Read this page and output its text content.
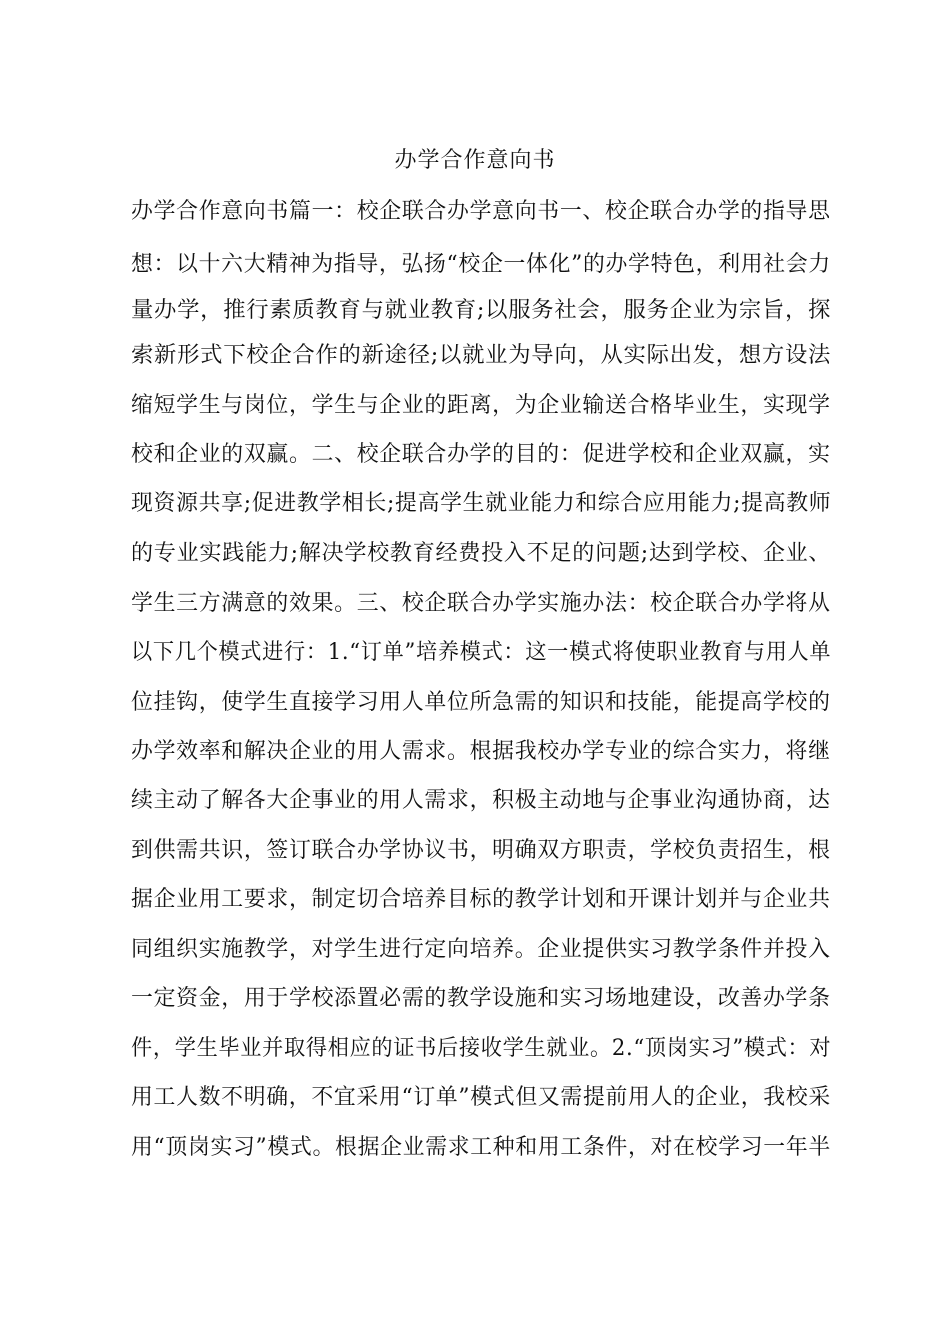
办学合作意向书
办学合作意向书篇一：校企联合办学意向书一、校企联合办学的指导思
想：以十六大精神为指导，弘扬“校企一体化”的办学特色，利用社会力
量办学，推行素质教育与就业教育;以服务社会，服务企业为宗旨，探
索新形式下校企合作的新途径;以就业为导向，从实际出发，想方设法
缩短学生与岗位，学生与企业的距离，为企业输送合格毕业生，实现学
校和企业的双赢。二、校企联合办学的目的：促进学校和企业双赢，实
现资源共享;促进教学相长;提高学生就业能力和综合应用能力;提高教师
的专业实践能力;解决学校教育经费投入不足的问题;达到学校、企业、
学生三方满意的效果。三、校企联合办学实施办法：校企联合办学将从
以下几个模式进行：1.“订单”培养模式：这一模式将使职业教育与用人单
位挂钩，使学生直接学习用人单位所急需的知识和技能，能提高学校的
办学效率和解决企业的用人需求。根据我校办学专业的综合实力，将继
续主动了解各大企事业的用人需求，积极主动地与企事业沟通协商，达
到供需共识，签订联合办学协议书，明确双方职责，学校负责招生，根
据企业用工要求，制定切合培养目标的教学计划和开课计划并与企业共
同组织实施教学，对学生进行定向培养。企业提供实习教学条件并投入
一定资金，用于学校添置必需的教学设施和实习场地建设，改善办学条
件，学生毕业并取得相应的证书后接收学生就业。2.“顶岗实习”模式：对
用工人数不明确，不宜采用“订单”模式但又需提前用人的企业，我校采
用“顶岗实习”模式。根据企业需求工种和用工条件，对在校学习一年半
